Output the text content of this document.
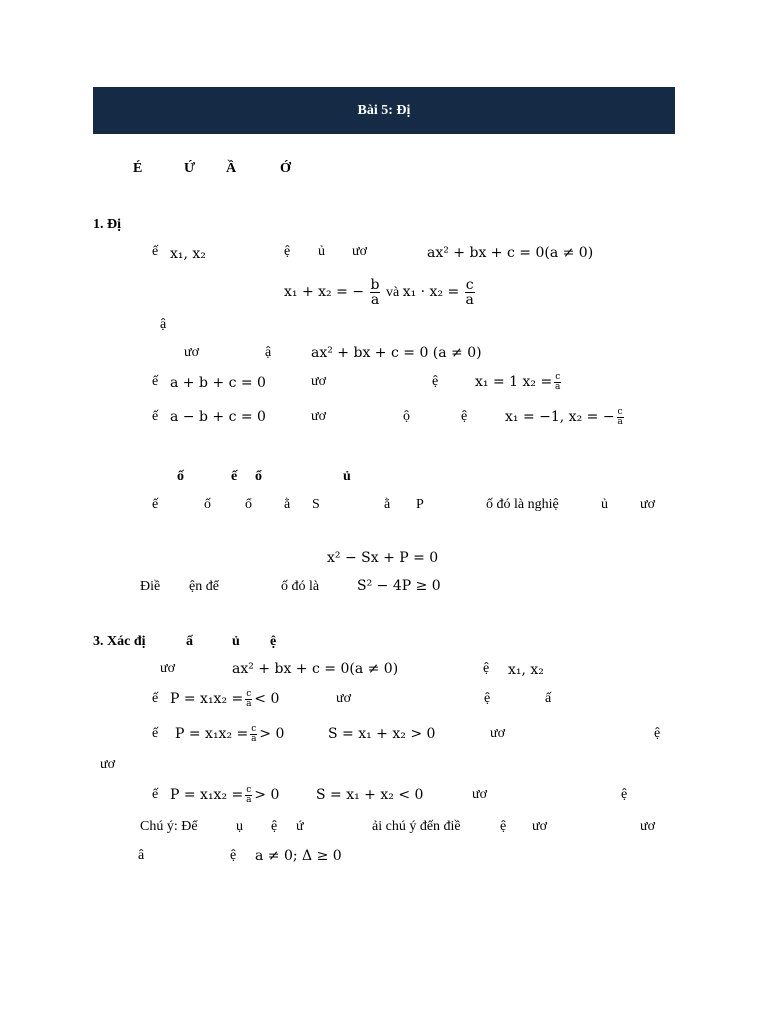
Bài 5: Đị
É	Ứ Ầ	Ớ
1. Đị
ế x₁, x₂	ệ ủ ươ	ax² + bx + c = 0(a ≠ 0)
x₁ + x₂ = − $\frac{b}{a}$ và $x_1 \cdot x_2 = \frac{c}{a}$
ậ
ươ	ậ	ax² + bx + c = 0 (a ≠ 0)
ế a + b + c = 0	ươ	ệ	x₁ = 1 $x_2 = \frac{c}{a}$
ế a − b + c = 0	ươ	ộ	ệ	x₁ = −1, x₂ = − $\frac{c}{a}$
ố	ế ổ	ủ
ế	ố ổ ằ S	ằ P	ố đó là nghiệ	ủ ươ
x² − Sx + P = 0
Điề ện để	ố đó là	S² − 4P ≥ 0
3. Xác đị	ấ	ủ ệ
ươ	ax² + bx + c = 0(a ≠ 0)	ệ x₁, x₂
ế $P = x_1x_2 = \frac{c}{a} < 0$	ươ	ệ	ấ
ế $P = x_1x_2 = \frac{c}{a} > 0$	S = x₁ + x₂ > 0	ươ	ệ
ươ
ế $P = x_1x_2 = \frac{c}{a} > 0$	S = x₁ + x₂ < 0	ươ	ệ
Chú ý: Để	ụ ệ ứ	ải chú ý đến điề	ệ ươ	ươ
â	ệ a ≠ 0; Δ ≥ 0
